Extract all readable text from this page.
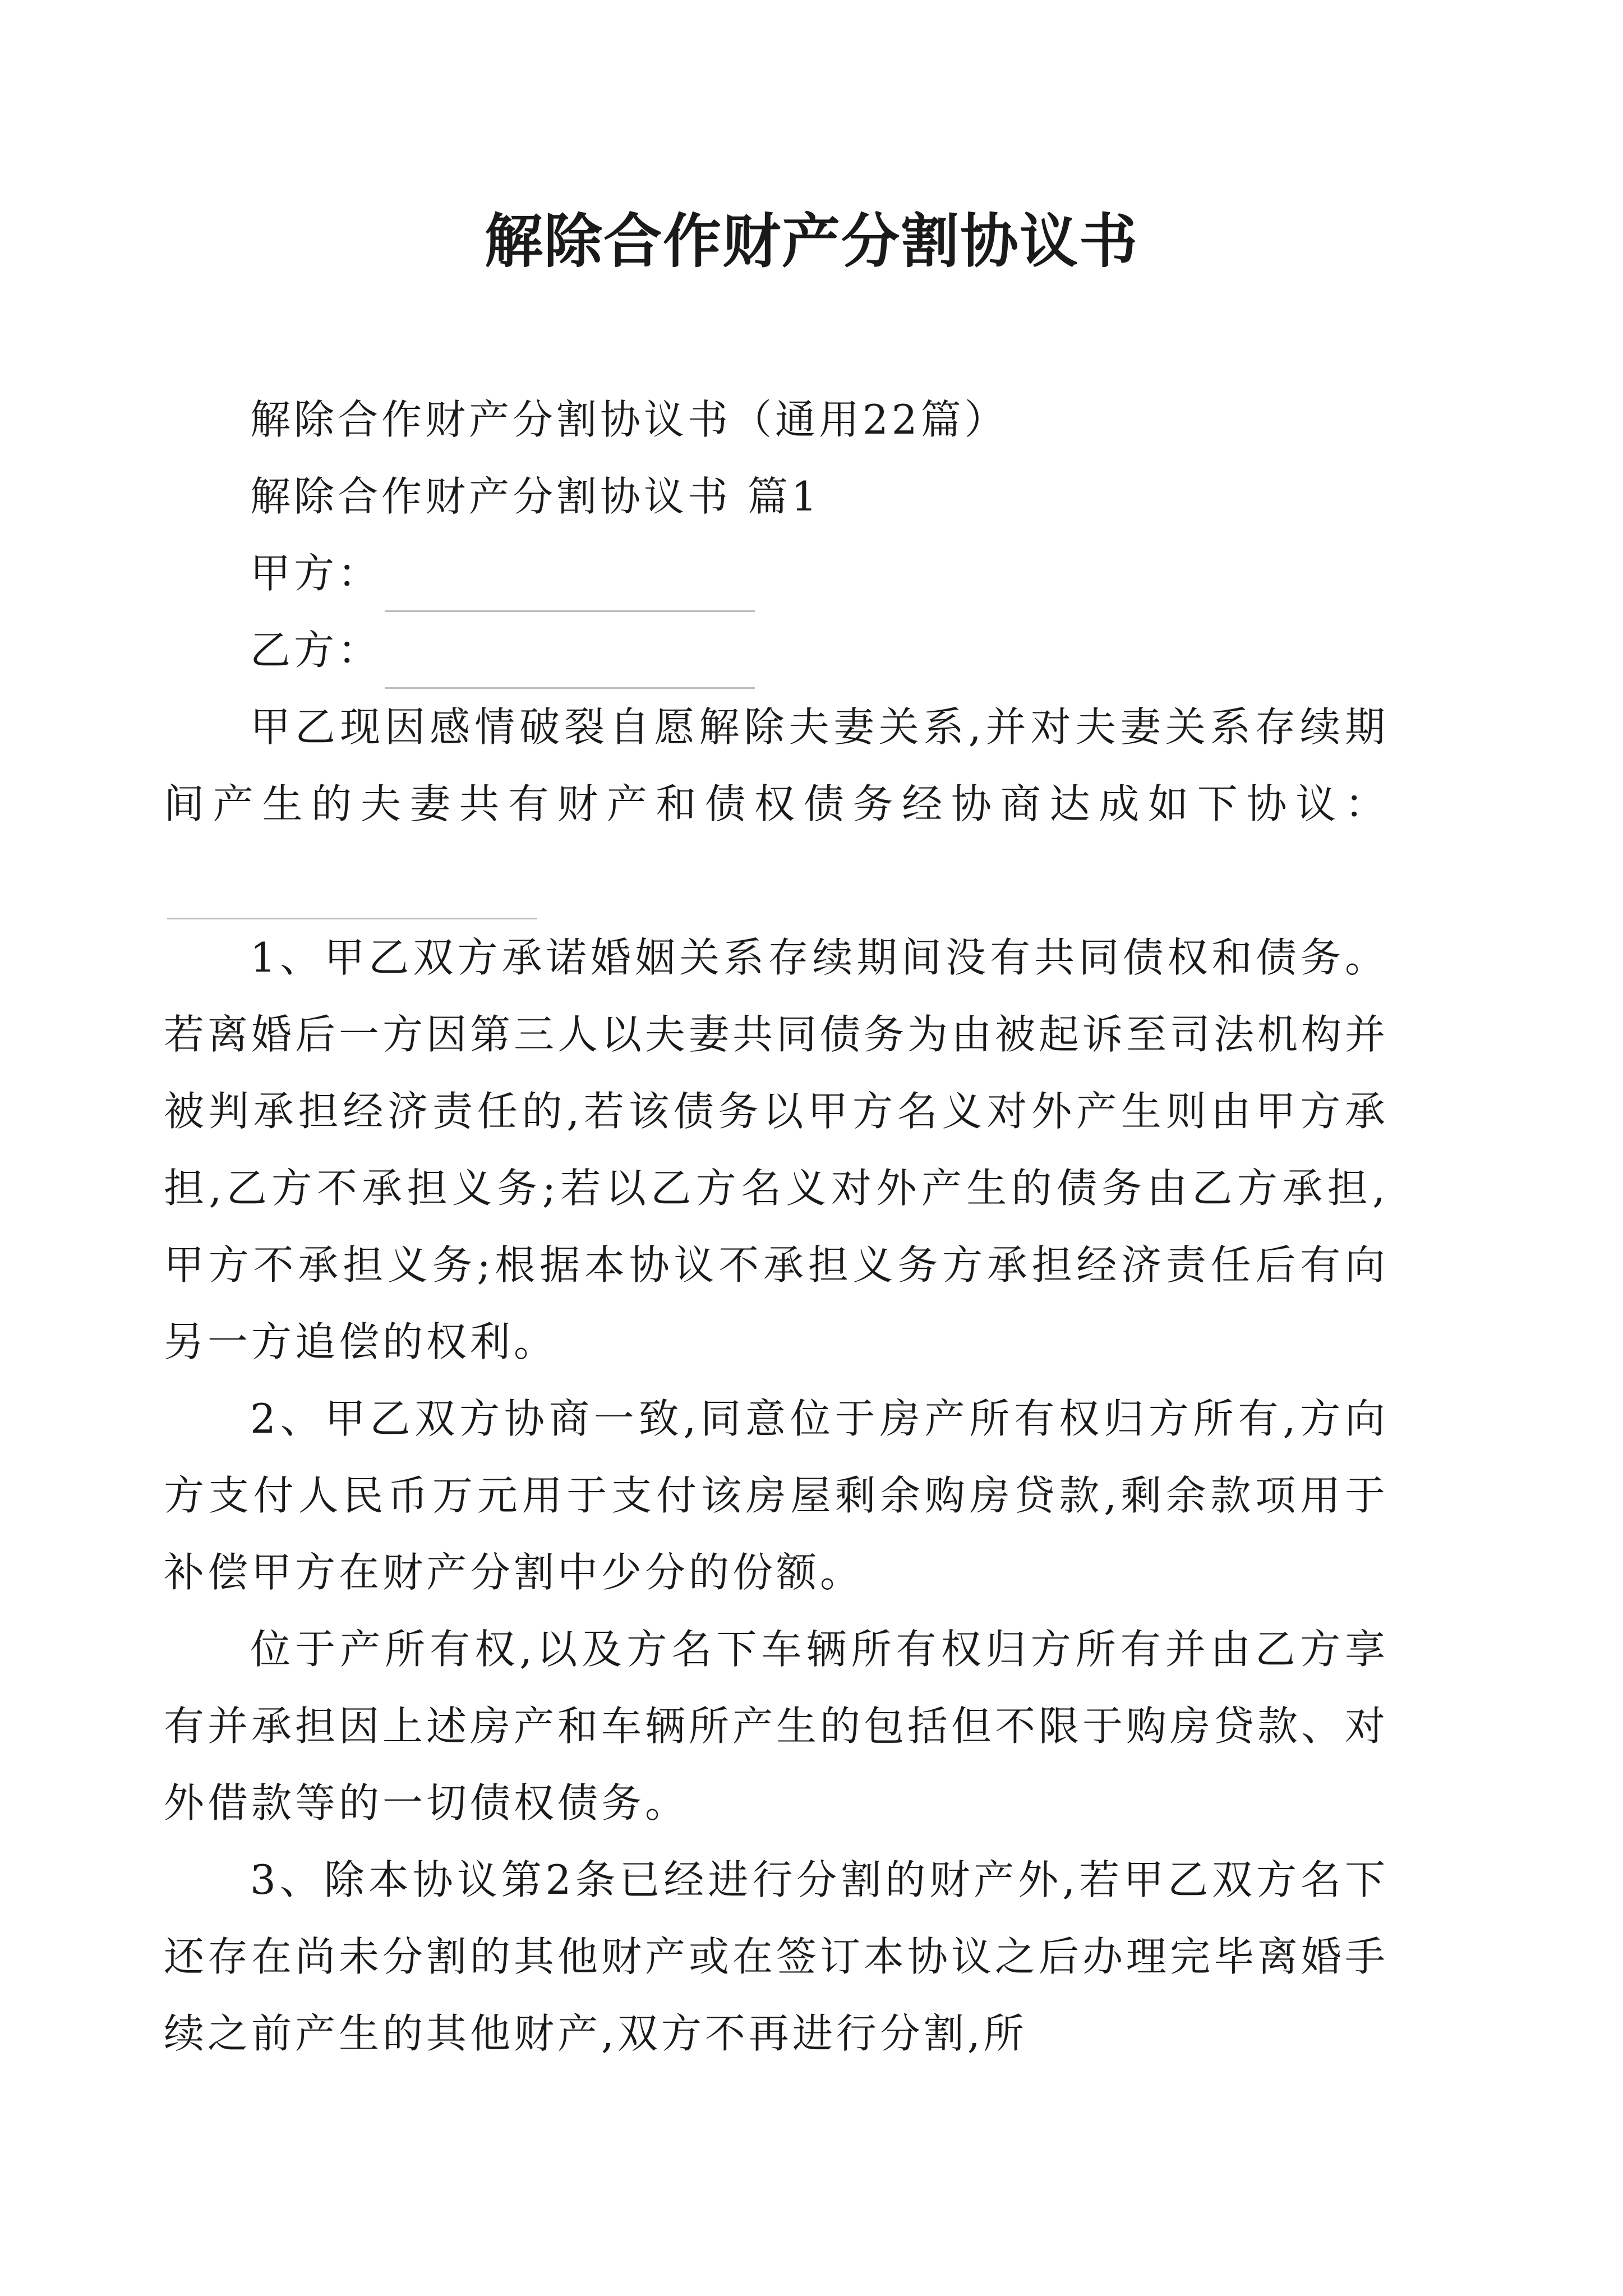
解除合作财产分割协议书

解除合作财产分割协议书（通用22篇）

解除合作财产分割协议书 篇1

甲方：

乙方：

甲乙现因感情破裂自愿解除夫妻关系,并对夫妻关系存续期间产生的夫妻共有财产和债权债务经协商达成如下协议：

1、甲乙双方承诺婚姻关系存续期间没有共同债权和债务。若离婚后一方因第三人以夫妻共同债务为由被起诉至司法机构并被判承担经济责任的,若该债务以甲方名义对外产生则由甲方承担,乙方不承担义务;若以乙方名义对外产生的债务由乙方承担,甲方不承担义务;根据本协议不承担义务方承担经济责任后有向另一方追偿的权利。

2、甲乙双方协商一致,同意位于房产所有权归方所有,方向方支付人民币万元用于支付该房屋剩余购房贷款,剩余款项用于补偿甲方在财产分割中少分的份额。

位于产所有权,以及方名下车辆所有权归方所有并由乙方享有并承担因上述房产和车辆所产生的包括但不限于购房贷款、对外借款等的一切债权债务。

3、除本协议第2条已经进行分割的财产外,若甲乙双方名下还存在尚未分割的其他财产或在签订本协议之后办理完毕离婚手续之前产生的其他财产,双方不再进行分割,所
